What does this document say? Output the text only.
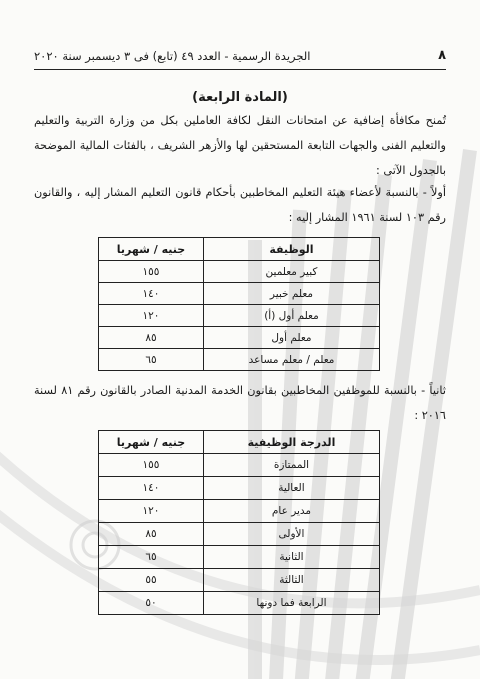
٨
الجريدة الرسمية - العدد ٤٩ (تابع) فى ٣ ديسمبر سنة ٢٠٢٠
(المادة الرابعة)

تُمنح مكافأة إضافية عن امتحانات النقل لكافة العاملين بكل من وزارة التربية والتعليم والتعليم الفنى والجهات التابعة المستحقين لها والأزهر الشريف ، بالفئات المالية الموضحة بالجدول الآتى :

أولاً - بالنسبة لأعضاء هيئة التعليم المخاطبين بأحكام قانون التعليم المشار إليه ، والقانون رقم ١٠٣ لسنة ١٩٦١ المشار إليه :

الوظيفة	جنيه / شهريا
كبير معلمين	١٥٥
معلم خبير	١٤٠
معلم أول (أ)	١٢٠
معلم أول	٨٥
معلم / معلم مساعد	٦٥

ثانياً - بالنسبة للموظفين المخاطبين بقانون الخدمة المدنية الصادر بالقانون رقم ٨١ لسنة ٢٠١٦ :

الدرجة الوظيفية	جنيه / شهريا
الممتازة	١٥٥
العالية	١٤٠
مدير عام	١٢٠
الأولى	٨٥
الثانية	٦٥
الثالثة	٥٥
الرابعة فما دونها	٥٠
